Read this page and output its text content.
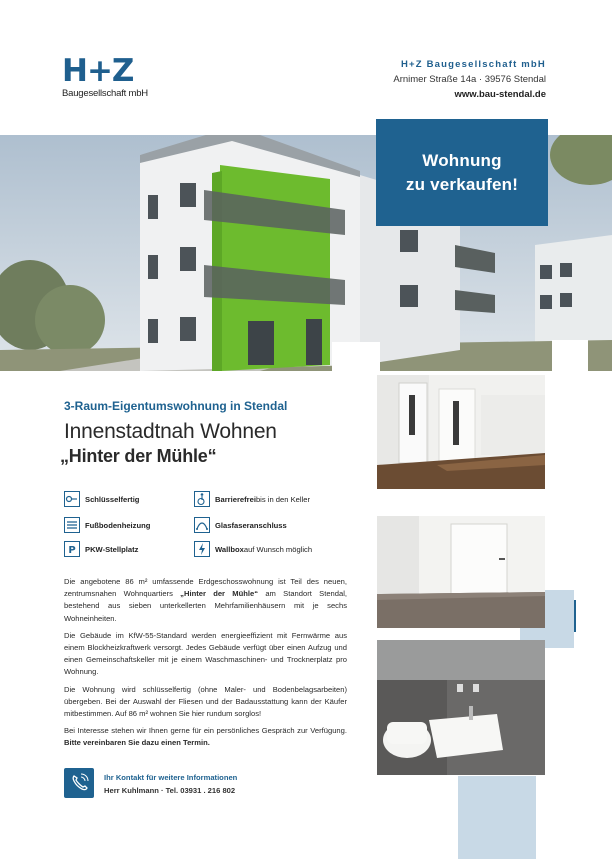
H+Z
Baugesellschaft mbH
H+Z Baugesellschaft mbH
Arnimer Straße 14a · 39576 Stendal
www.bau-stendal.de
Wohnung
zu verkaufen!
3-Raum-Eigentumswohnung in Stendal
Innenstadtnah Wohnen
„Hinter der Mühle“
Schlüsselfertig	Barrierefrei bis in den Keller
Fußbodenheizung	Glasfaseranschluss
P PKW-Stellplatz	Wallbox auf Wunsch möglich

Die angebotene 86 m² umfassende Erdgeschosswohnung ist Teil des neuen, zentrumsnahen Wohnquartiers „Hinter der Mühle“ am Standort Stendal, bestehend aus sieben unterkellerten Mehrfamilienhäusern mit je sechs Wohneinheiten.

Die Gebäude im KfW-55-Standard werden energieeffizient mit Fernwärme aus einem Blockheizkraftwerk versorgt. Jedes Gebäude verfügt über einen Aufzug und einen Gemeinschaftskeller mit je einem Waschmaschinen- und Trocknerplatz pro Wohnung.

Die Wohnung wird schlüsselfertig (ohne Maler- und Bodenbelagsarbeiten) übergeben. Bei der Auswahl der Fliesen und der Badausstattung kann der Käufer mitbestimmen. Auf 86 m² wohnen Sie hier rundum sorglos!

Bei Interesse stehen wir Ihnen gerne für ein persönliches Gespräch zur Verfügung. Bitte vereinbaren Sie dazu einen Termin.

Ihr Kontakt für weitere Informationen
Herr Kuhlmann · Tel. 03931 . 216 802
